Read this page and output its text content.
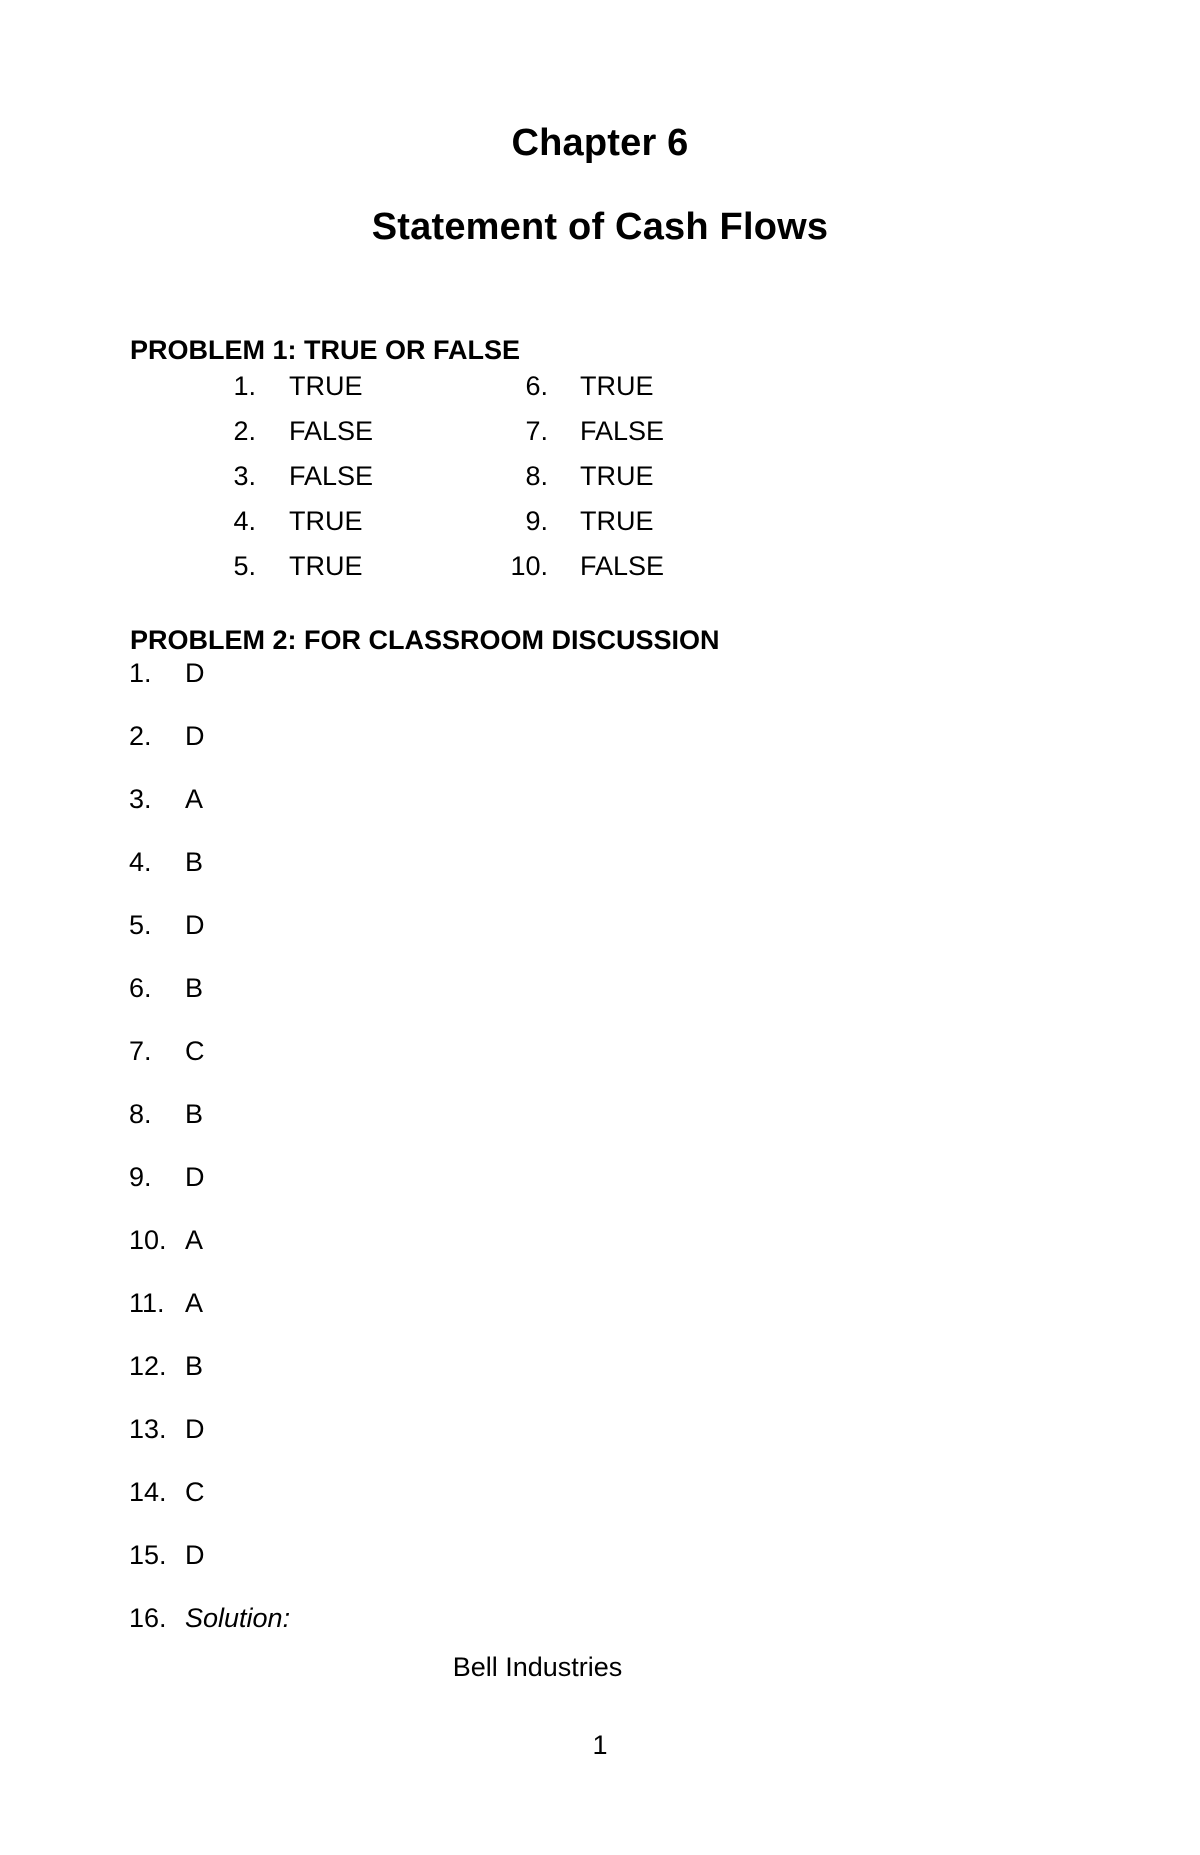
Chapter 6
Statement of Cash Flows
PROBLEM 1: TRUE OR FALSE
1. TRUE	6. TRUE
2. FALSE	7. FALSE
3. FALSE	8. TRUE
4. TRUE	9. TRUE
5. TRUE	10. FALSE
PROBLEM 2: FOR CLASSROOM DISCUSSION
1. D
2. D
3. A
4. B
5. D
6. B
7. C
8. B
9. D
10. A
11. A
12. B
13. D
14. C
15. D
16. Solution:
Bell Industries
1
